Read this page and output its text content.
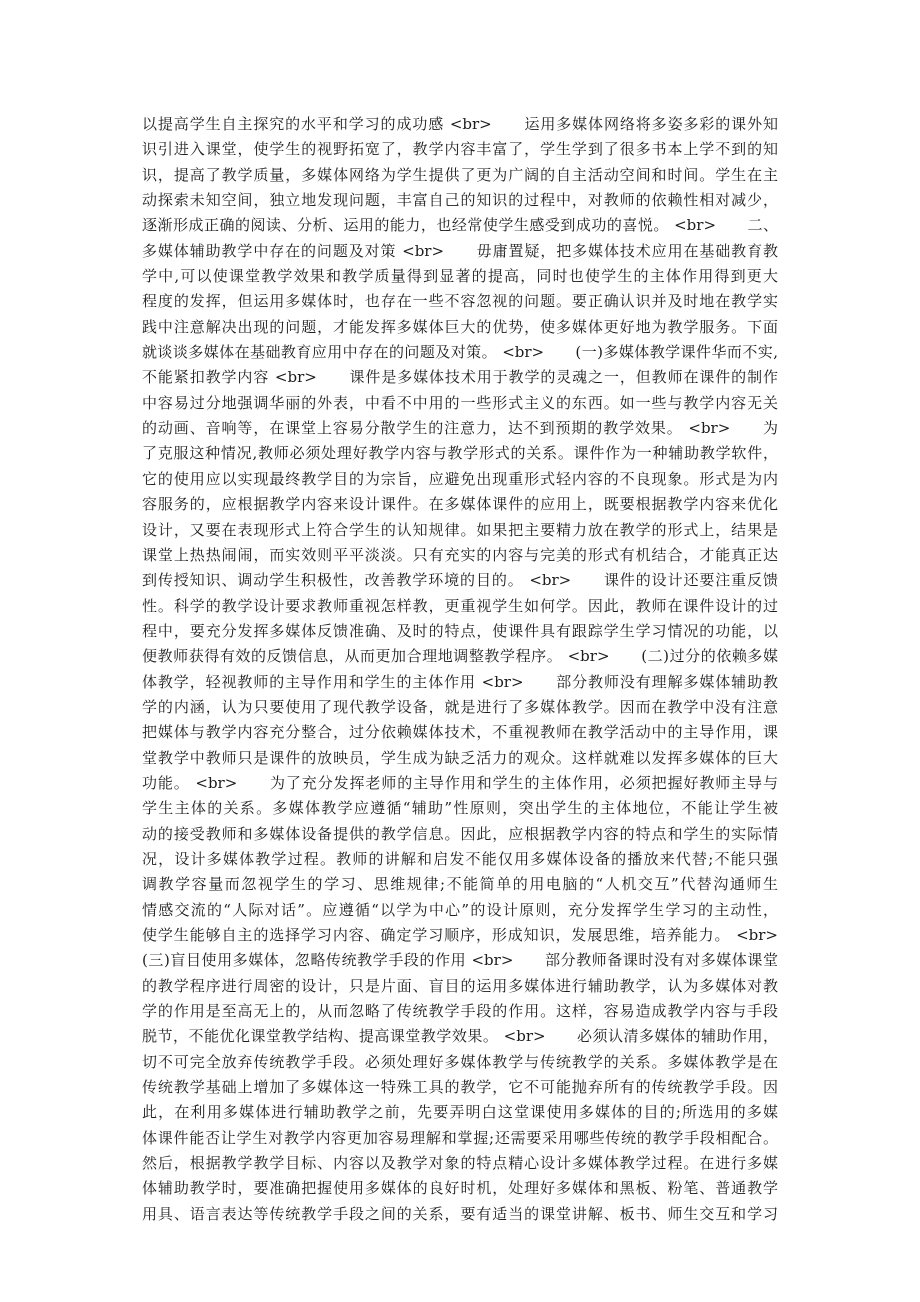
以提高学生自主探究的水平和学习的成功感 <br>　　运用多媒体网络将多姿多彩的课外知
识引进入课堂，使学生的视野拓宽了，教学内容丰富了，学生学到了很多书本上学不到的知
识，提高了教学质量，多媒体网络为学生提供了更为广阔的自主活动空间和时间。学生在主
动探索未知空间，独立地发现问题，丰富自己的知识的过程中，对教师的依赖性相对减少，
逐渐形成正确的阅读、分析、运用的能力，也经常使学生感受到成功的喜悦。 <br>　　二、
多媒体辅助教学中存在的问题及对策 <br>　　毋庸置疑，把多媒体技术应用在基础教育教
学中,可以使课堂教学效果和教学质量得到显著的提高，同时也使学生的主体作用得到更大
程度的发挥，但运用多媒体时，也存在一些不容忽视的问题。要正确认识并及时地在教学实
践中注意解决出现的问题，才能发挥多媒体巨大的优势，使多媒体更好地为教学服务。下面
就谈谈多媒体在基础教育应用中存在的问题及对策。 <br>　　(一)多媒体教学课件华而不实,
不能紧扣教学内容 <br>　　课件是多媒体技术用于教学的灵魂之一，但教师在课件的制作
中容易过分地强调华丽的外表，中看不中用的一些形式主义的东西。如一些与教学内容无关
的动画、音响等，在课堂上容易分散学生的注意力，达不到预期的教学效果。 <br>　　为
了克服这种情况,教师必须处理好教学内容与教学形式的关系。课件作为一种辅助教学软件，
它的使用应以实现最终教学目的为宗旨，应避免出现重形式轻内容的不良现象。形式是为内
容服务的，应根据教学内容来设计课件。在多媒体课件的应用上，既要根据教学内容来优化
设计，又要在表现形式上符合学生的认知规律。如果把主要精力放在教学的形式上，结果是
课堂上热热闹闹，而实效则平平淡淡。只有充实的内容与完美的形式有机结合，才能真正达
到传授知识、调动学生积极性，改善教学环境的目的。 <br>　　课件的设计还要注重反馈
性。科学的教学设计要求教师重视怎样教，更重视学生如何学。因此，教师在课件设计的过
程中，要充分发挥多媒体反馈准确、及时的特点，使课件具有跟踪学生学习情况的功能，以
便教师获得有效的反馈信息，从而更加合理地调整教学程序。 <br>　　(二)过分的依赖多媒
体教学，轻视教师的主导作用和学生的主体作用 <br>　　部分教师没有理解多媒体辅助教
学的内涵，认为只要使用了现代教学设备，就是进行了多媒体教学。因而在教学中没有注意
把媒体与教学内容充分整合，过分依赖媒体技术，不重视教师在教学活动中的主导作用，课
堂教学中教师只是课件的放映员，学生成为缺乏活力的观众。这样就难以发挥多媒体的巨大
功能。 <br>　　为了充分发挥老师的主导作用和学生的主体作用，必须把握好教师主导与
学生主体的关系。多媒体教学应遵循“辅助”性原则，突出学生的主体地位，不能让学生被
动的接受教师和多媒体设备提供的教学信息。因此，应根据教学内容的特点和学生的实际情
况，设计多媒体教学过程。教师的讲解和启发不能仅用多媒体设备的播放来代替;不能只强
调教学容量而忽视学生的学习、思维规律;不能简单的用电脑的“人机交互”代替沟通师生
情感交流的“人际对话”。应遵循“以学为中心”的设计原则，充分发挥学生学习的主动性，
使学生能够自主的选择学习内容、确定学习顺序，形成知识，发展思维，培养能力。 <br>
(三)盲目使用多媒体，忽略传统教学手段的作用 <br>　　部分教师备课时没有对多媒体课堂
的教学程序进行周密的设计，只是片面、盲目的运用多媒体进行辅助教学，认为多媒体对教
学的作用是至高无上的，从而忽略了传统教学手段的作用。这样，容易造成教学内容与手段
脱节，不能优化课堂教学结构、提高课堂教学效果。 <br>　　必须认清多媒体的辅助作用，
切不可完全放弃传统教学手段。必须处理好多媒体教学与传统教学的关系。多媒体教学是在
传统教学基础上增加了多媒体这一特殊工具的教学，它不可能抛弃所有的传统教学手段。因
此，在利用多媒体进行辅助教学之前，先要弄明白这堂课使用多媒体的目的;所选用的多媒
体课件能否让学生对教学内容更加容易理解和掌握;还需要采用哪些传统的教学手段相配合。
然后，根据教学教学目标、内容以及教学对象的特点精心设计多媒体教学过程。在进行多媒
体辅助教学时，要准确把握使用多媒体的良好时机，处理好多媒体和黑板、粉笔、普通教学
用具、语言表达等传统教学手段之间的关系，要有适当的课堂讲解、板书、师生交互和学习
